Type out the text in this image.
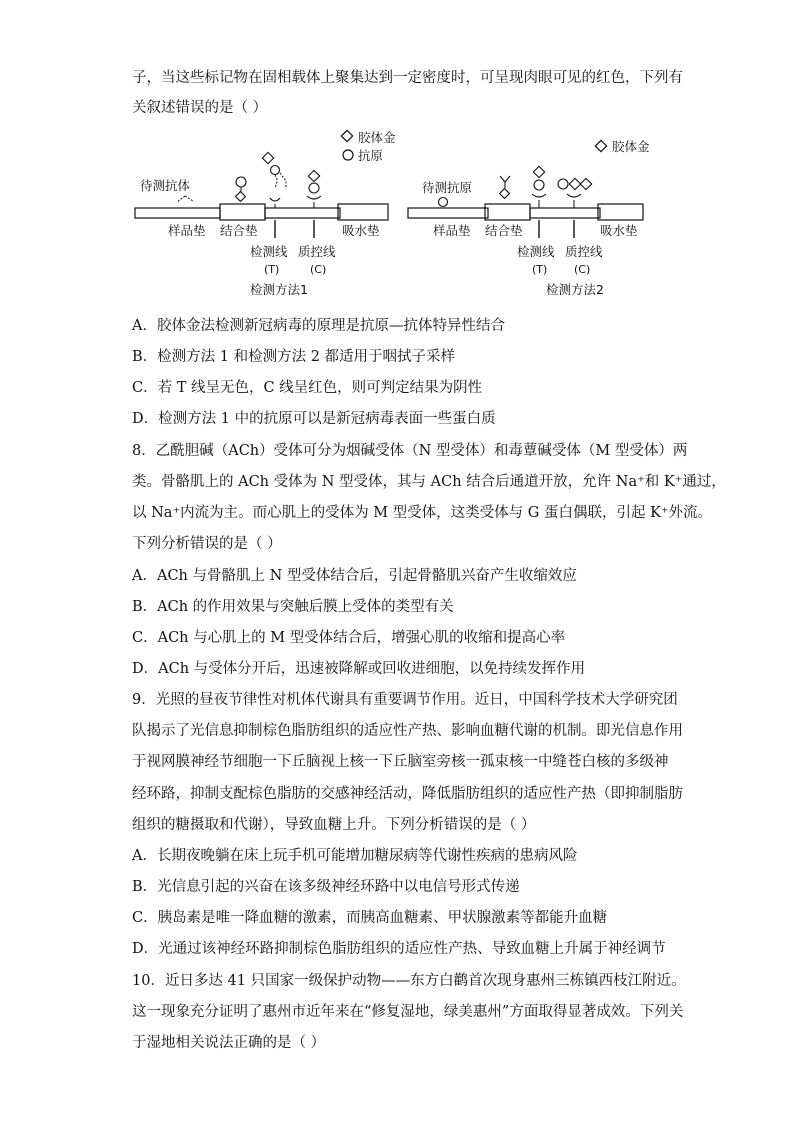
子，当这些标记物在固相载体上聚集达到一定密度时，可呈现肉眼可见的红色，下列有
关叙述错误的是（ ）
胶体金
抗原
待测抗体
样品垫 结合垫	吸水垫
检测线
(T)
质控线
(C)
检测方法1
胶体金
待测抗原
样品垫 结合垫	吸水垫
检测线
(T)
质控线
(C)
检测方法2
A．胶体金法检测新冠病毒的原理是抗原—抗体特异性结合
B．检测方法 1 和检测方法 2 都适用于咽拭子采样
C．若 T 线呈无色，C 线呈红色，则可判定结果为阴性
D．检测方法 1 中的抗原可以是新冠病毒表面一些蛋白质
8．乙酰胆碱（ACh）受体可分为烟碱受体（N 型受体）和毒蕈碱受体（M 型受体）两
类。骨骼肌上的 ACh 受体为 N 型受体，其与 ACh 结合后通道开放，允许 Na⁺和 K⁺通过，
以 Na⁺内流为主。而心肌上的受体为 M 型受体，这类受体与 G 蛋白偶联，引起 K⁺外流。
下列分析错误的是（ ）
A．ACh 与骨骼肌上 N 型受体结合后，引起骨骼肌兴奋产生收缩效应
B．ACh 的作用效果与突触后膜上受体的类型有关
C．ACh 与心肌上的 M 型受体结合后，增强心肌的收缩和提高心率
D．ACh 与受体分开后，迅速被降解或回收进细胞，以免持续发挥作用
9．光照的昼夜节律性对机体代谢具有重要调节作用。近日，中国科学技术大学研究团
队揭示了光信息抑制棕色脂肪组织的适应性产热、影响血糖代谢的机制。即光信息作用
于视网膜神经节细胞一下丘脑视上核一下丘脑室旁核一孤束核一中缝苍白核的多级神
经环路，抑制支配棕色脂肪的交感神经活动，降低脂肪组织的适应性产热（即抑制脂肪
组织的糖摄取和代谢），导致血糖上升。下列分析错误的是（ ）
A．长期夜晚躺在床上玩手机可能增加糖尿病等代谢性疾病的患病风险
B．光信息引起的兴奋在该多级神经环路中以电信号形式传递
C．胰岛素是唯一降血糖的激素，而胰高血糖素、甲状腺激素等都能升血糖
D．光通过该神经环路抑制棕色脂肪组织的适应性产热、导致血糖上升属于神经调节
10．近日多达 41 只国家一级保护动物——东方白鹳首次现身惠州三栋镇西枝江附近。
这一现象充分证明了惠州市近年来在“修复湿地，绿美惠州”方面取得显著成效。下列关
于湿地相关说法正确的是（ ）
